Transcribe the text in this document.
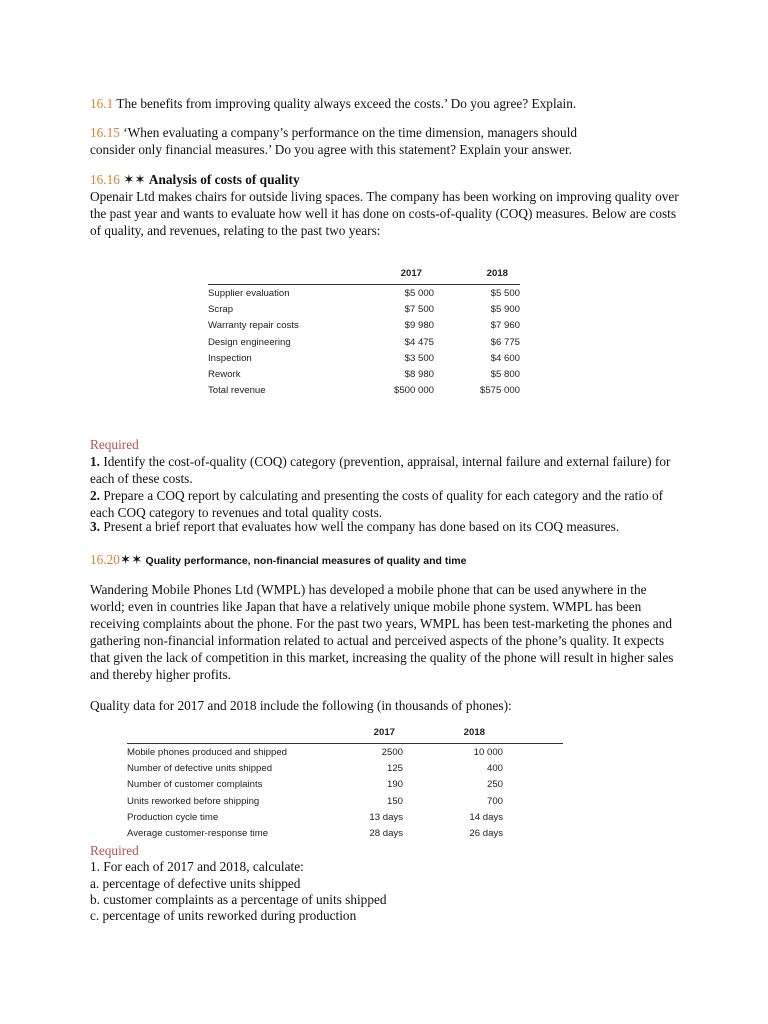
16.1 The benefits from improving quality always exceed the costs.’ Do you agree? Explain.

16.15 ‘When evaluating a company’s performance on the time dimension, managers should consider only financial measures.’ Do you agree with this statement? Explain your answer.

16.16 ✶✶ Analysis of costs of quality

Openair Ltd makes chairs for outside living spaces. The company has been working on improving quality over the past year and wants to evaluate how well it has done on costs-of-quality (COQ) measures. Below are costs of quality, and revenues, relating to the past two years:

	2017	2018
Supplier evaluation	$5 000	$5 500
Scrap	$7 500	$5 900
Warranty repair costs	$9 980	$7 960
Design engineering	$4 475	$6 775
Inspection	$3 500	$4 600
Rework	$8 980	$5 800
Total revenue	$500 000	$575 000

Required

1. Identify the cost-of-quality (COQ) category (prevention, appraisal, internal failure and external failure) for each of these costs.

2. Prepare a COQ report by calculating and presenting the costs of quality for each category and the ratio of each COQ category to revenues and total quality costs.

3. Present a brief report that evaluates how well the company has done based on its COQ measures.

16.20✶✶ Quality performance, non-financial measures of quality and time

Wandering Mobile Phones Ltd (WMPL) has developed a mobile phone that can be used anywhere in the world; even in countries like Japan that have a relatively unique mobile phone system. WMPL has been receiving complaints about the phone. For the past two years, WMPL has been test-marketing the phones and gathering non-financial information related to actual and perceived aspects of the phone’s quality. It expects that given the lack of competition in this market, increasing the quality of the phone will result in higher sales and thereby higher profits.

Quality data for 2017 and 2018 include the following (in thousands of phones):

	2017	2018	
Mobile phones produced and shipped	2500	10 000	
Number of defective units shipped	125	400	
Number of customer complaints	190	250	
Units reworked before shipping	150	700	
Production cycle time	13 days	14 days	
Average customer-response time	28 days	26 days	

Required

1. For each of 2017 and 2018, calculate:

a. percentage of defective units shipped

b. customer complaints as a percentage of units shipped

c. percentage of units reworked during production
